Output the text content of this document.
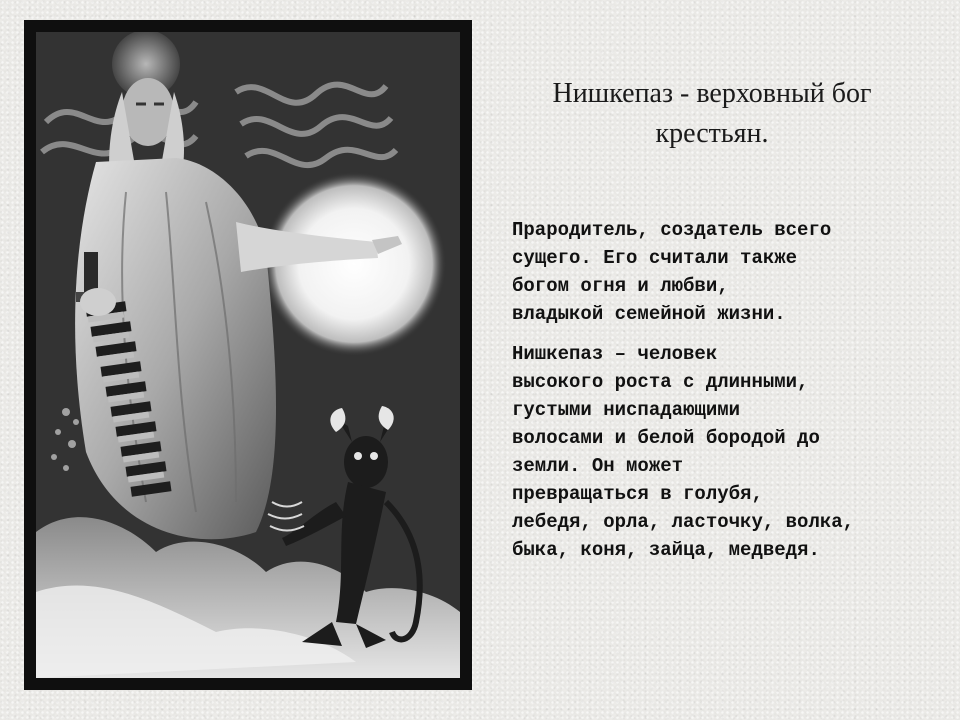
Нишкепаз - верховный бог
крестьян.

Прародитель, создатель всего
сущего. Его считали также
богом огня и любви,
владыкой семейной жизни.

Нишкепаз – человек
высокого роста с длинными,
густыми ниспадающими
волосами и белой бородой до
земли. Он может
превращаться в голубя,
лебедя, орла, ласточку, волка,
быка, коня, зайца, медведя.
